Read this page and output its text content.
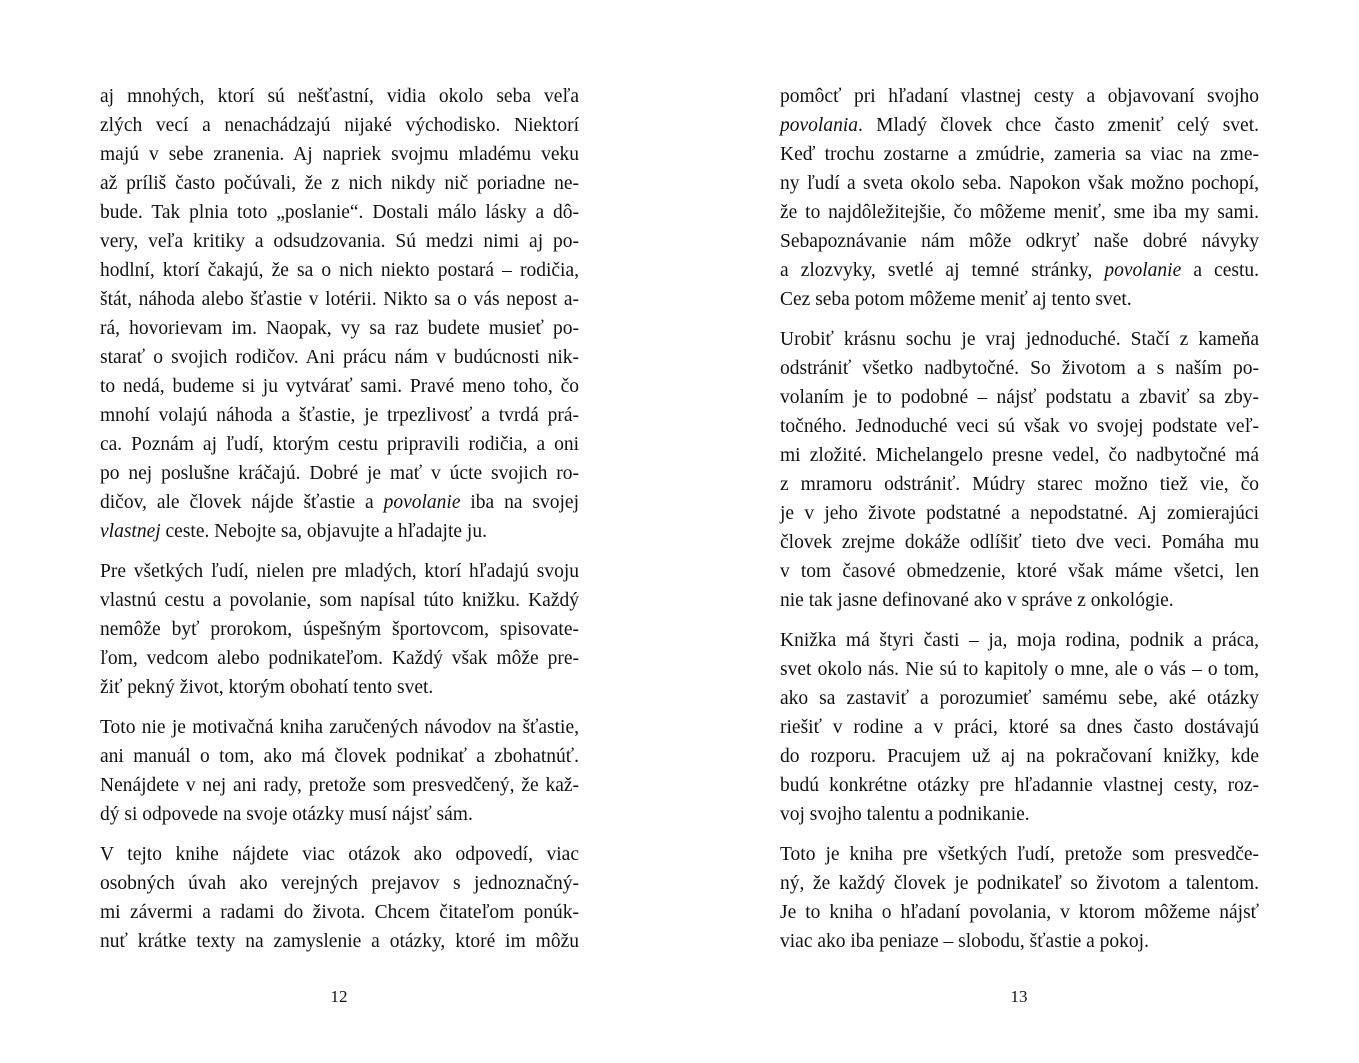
aj mnohých, ktorí sú nešťastní, vidia okolo seba veľa
zlých vecí a nenachádzajú nijaké východisko. Niektorí
majú v sebe zranenia. Aj napriek svojmu mladému veku
až príliš často počúvali, že z nich nikdy nič poriadne ne-
bude. Tak plnia toto „poslanie“. Dostali málo lásky a dô-
very, veľa kritiky a odsudzovania. Sú medzi nimi aj po-
hodlní, ktorí čakajú, že sa o nich niekto postará – rodičia,
štát, náhoda alebo šťastie v lotérii. Nikto sa o vás nepost a-
rá, hovorievam im. Naopak, vy sa raz budete musieť po-
starať o svojich rodičov. Ani prácu nám v budúcnosti nik-
to nedá, budeme si ju vytvárať sami. Pravé meno toho, čo
mnohí volajú náhoda a šťastie, je trpezlivosť a tvrdá prá-
ca. Poznám aj ľudí, ktorým cestu pripravili rodičia, a oni
po nej poslušne kráčajú. Dobré je mať v úcte svojich ro-
dičov, ale človek nájde šťastie a povolanie iba na svojej
vlastnej ceste. Nebojte sa, objavujte a hľadajte ju.
Pre všetkých ľudí, nielen pre mladých, ktorí hľadajú svoju
vlastnú cestu a povolanie, som napísal túto knižku. Každý
nemôže byť prorokom, úspešným športovcom, spisovate-
ľom, vedcom alebo podnikateľom. Každý však môže pre-
žiť pekný život, ktorým obohatí tento svet.
Toto nie je motivačná kniha zaručených návodov na šťastie,
ani manuál o tom, ako má človek podnikať a zbohatnúť.
Nenájdete v nej ani rady, pretože som presvedčený, že kaž-
dý si odpovede na svoje otázky musí nájsť sám.
V tejto knihe nájdete viac otázok ako odpovedí, viac
osobných úvah ako verejných prejavov s jednoznačný-
mi závermi a radami do života. Chcem čitateľom ponúk-
nuť krátke texty na zamyslenie a otázky, ktoré im môžu
pomôcť pri hľadaní vlastnej cesty a objavovaní svojho
povolania. Mladý človek chce často zmeniť celý svet.
Keď trochu zostarne a zmúdrie, zameria sa viac na zme-
ny ľudí a sveta okolo seba. Napokon však možno pochopí,
že to najdôležitejšie, čo môžeme meniť, sme iba my sami.
Sebapoznávanie nám môže odkryť naše dobré návyky
a zlozvyky, svetlé aj temné stránky, povolanie a cestu.
Cez seba potom môžeme meniť aj tento svet.
Urobiť krásnu sochu je vraj jednoduché. Stačí z kameňa
odstrániť všetko nadbytočné. So životom a s naším po-
volaním je to podobné – nájsť podstatu a zbaviť sa zby-
točného. Jednoduché veci sú však vo svojej podstate veľ-
mi zložité. Michelangelo presne vedel, čo nadbytočné má
z mramoru odstrániť. Múdry starec možno tiež vie, čo
je v jeho živote podstatné a nepodstatné. Aj zomierajúci
človek zrejme dokáže odlíšiť tieto dve veci. Pomáha mu
v tom časové obmedzenie, ktoré však máme všetci, len
nie tak jasne definované ako v správe z onkológie.
Knižka má štyri časti – ja, moja rodina, podnik a práca,
svet okolo nás. Nie sú to kapitoly o mne, ale o vás – o tom,
ako sa zastaviť a porozumieť samému sebe, aké otázky
riešiť v rodine a v práci, ktoré sa dnes často dostávajú
do rozporu. Pracujem už aj na pokračovaní knižky, kde
budú konkrétne otázky pre hľadannie vlastnej cesty, roz-
voj svojho talentu a podnikanie.
Toto je kniha pre všetkých ľudí, pretože som presvedče-
ný, že každý človek je podnikateľ so životom a talentom.
Je to kniha o hľadaní povolania, v ktorom môžeme nájsť
viac ako iba peniaze – slobodu, šťastie a pokoj.
12	13
